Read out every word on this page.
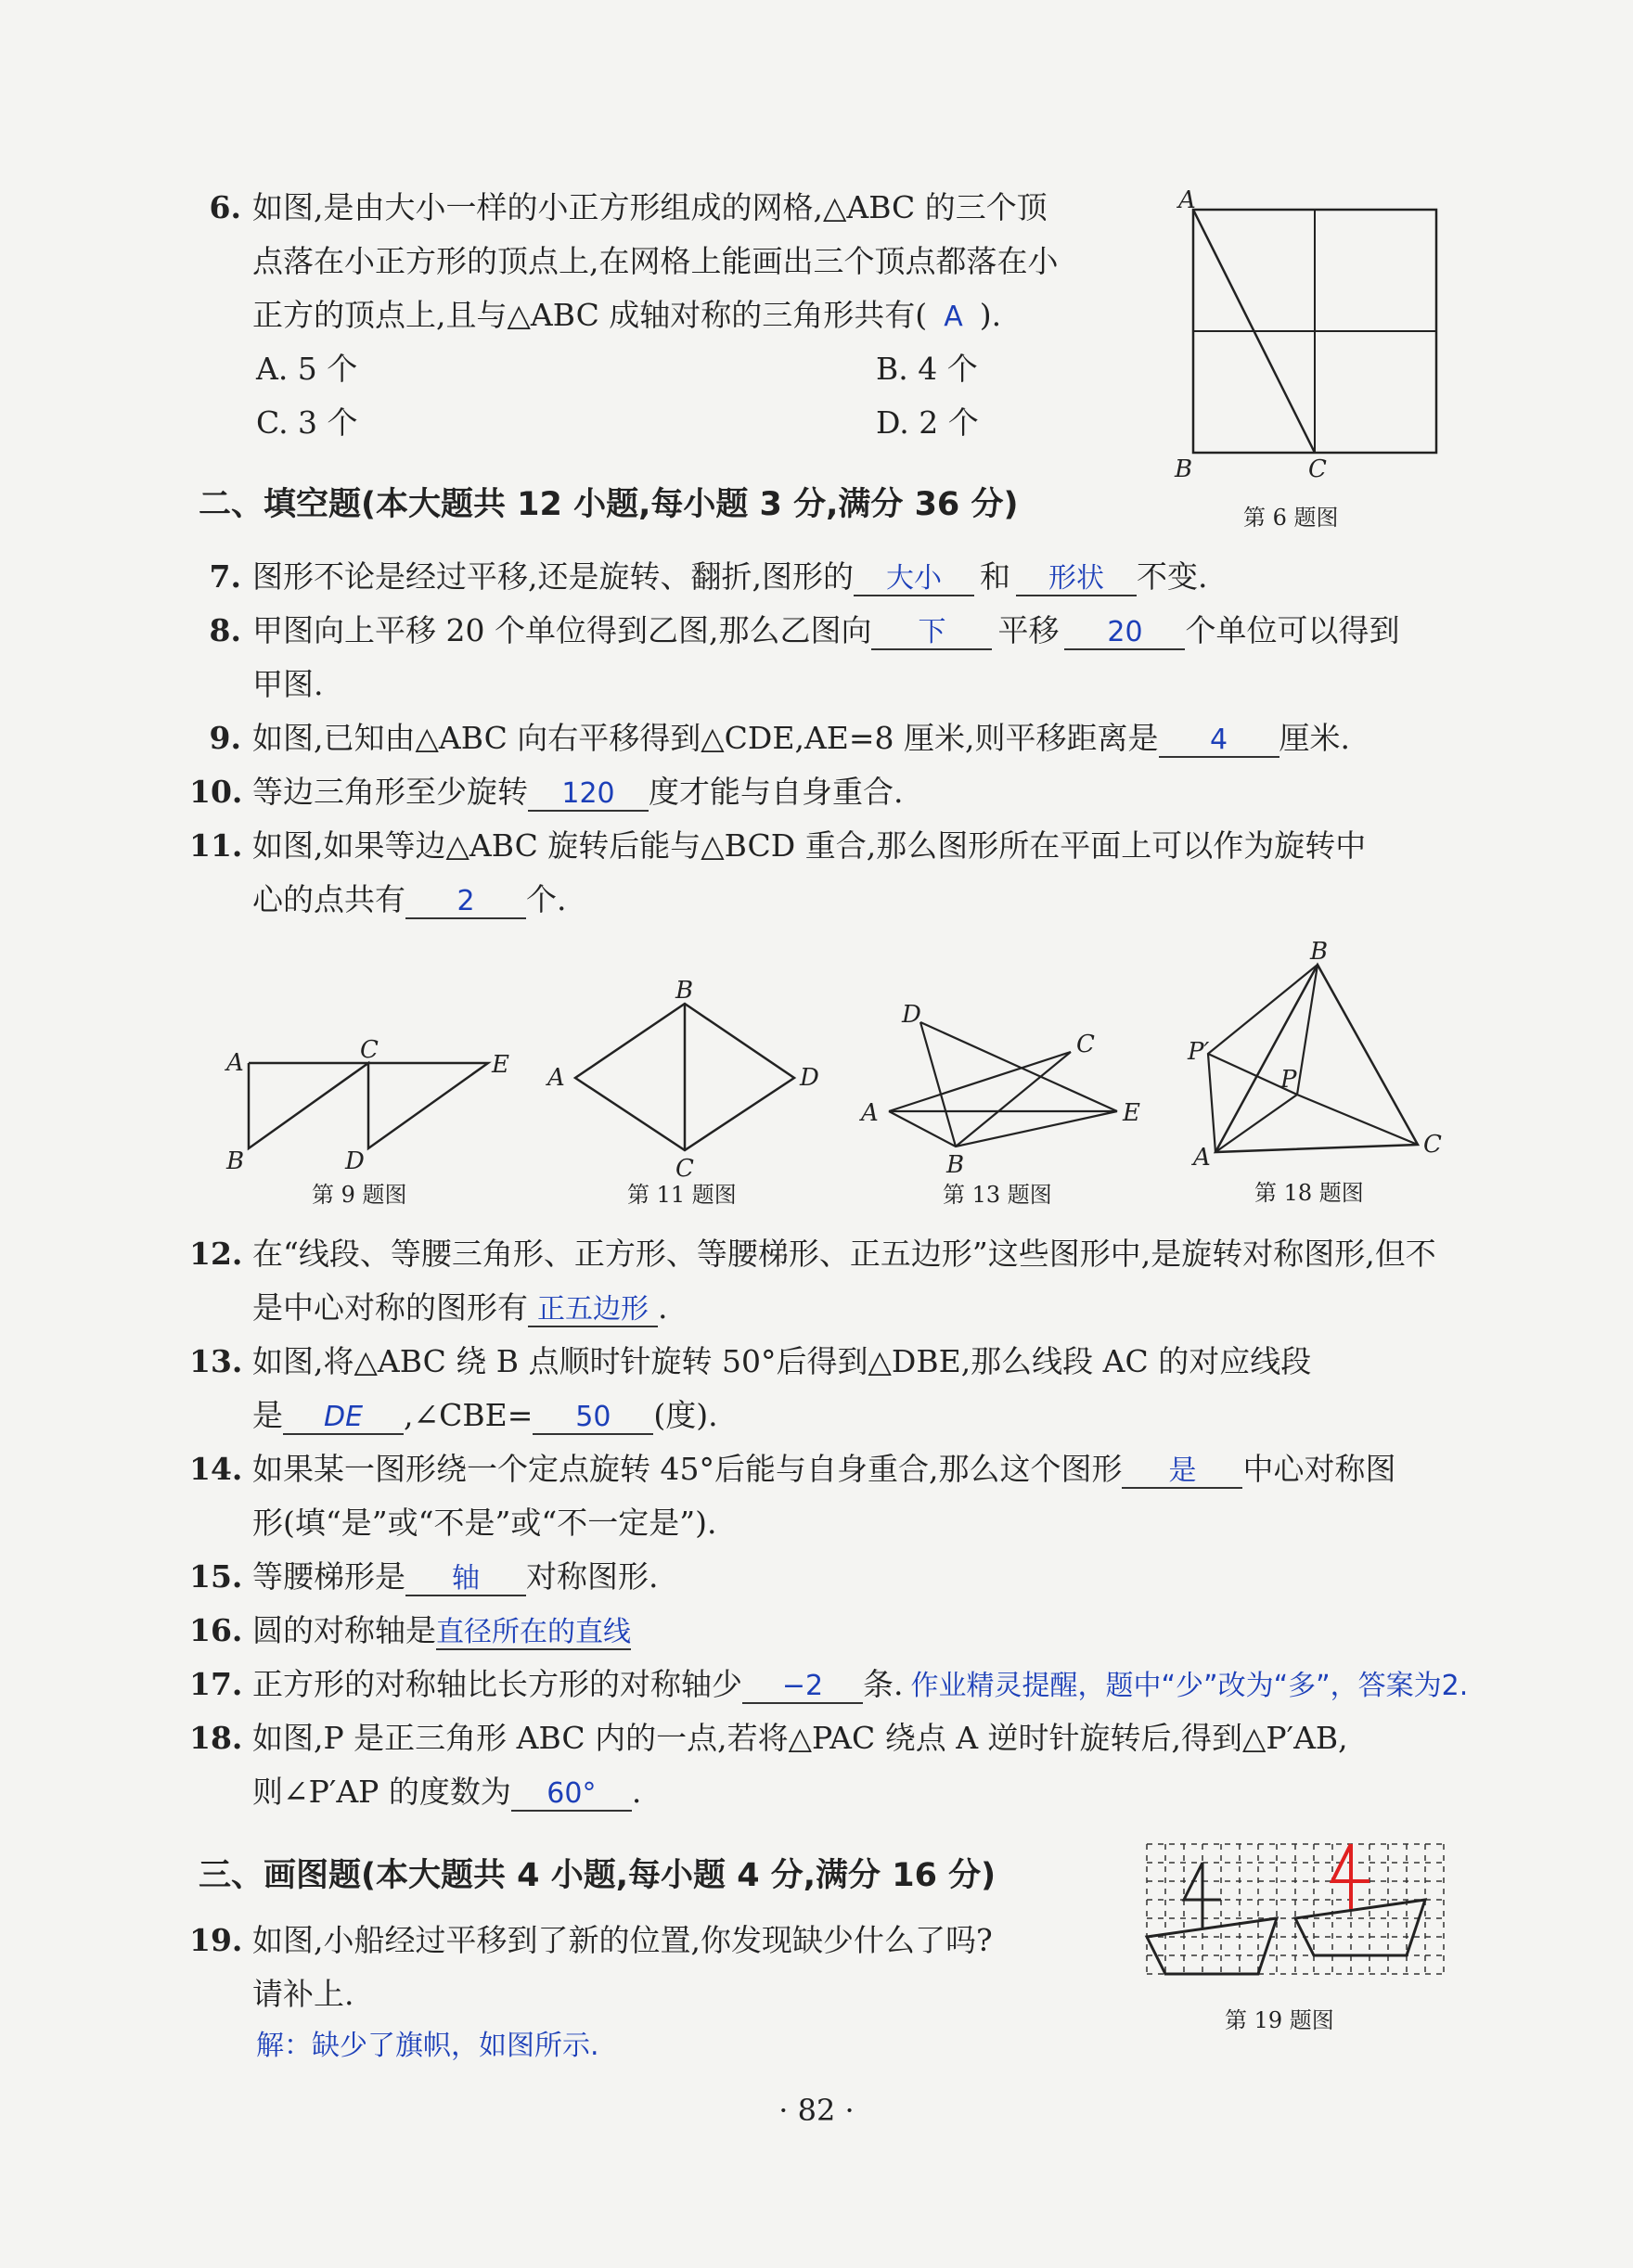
6. 如图,是由大小一样的小正方形组成的网格,△ABC 的三个顶
点落在小正方形的顶点上,在网格上能画出三个顶点都落在小
正方的顶点上,且与△ABC 成轴对称的三角形共有( A ).
A. 5 个	B. 4 个
C. 3 个	D. 2 个
A
B	C
第 6 题图
二、填空题(本大题共 12 小题,每小题 3 分,满分 36 分)
7. 图形不论是经过平移,还是旋转、翻折,图形的 大小 和 形状 不变.
8. 甲图向上平移 20 个单位得到乙图,那么乙图向 下 平移 20 个单位可以得到
甲图.
9. 如图,已知由△ABC 向右平移得到△CDE,AE=8 厘米,则平移距离是 4 厘米.
10. 等边三角形至少旋转 120 度才能与自身重合.
11. 如图,如果等边△ABC 旋转后能与△BCD 重合,那么图形所在平面上可以作为旋转中
心的点共有 2 个.
A
B
C
D
E
第 9 题图
B
A	D
C
第 11 题图
A
B
C
D
E
第 13 题图
B
P′
P
A	C
第 18 题图
12. 在“线段、等腰三角形、正方形、等腰梯形、正五边形”这些图形中,是旋转对称图形,但不
是中心对称的图形有 正五边形 .
13. 如图,将△ABC 绕 B 点顺时针旋转 50°后得到△DBE,那么线段 AC 的对应线段
是 DE ,∠CBE= 50 (度).
14. 如果某一图形绕一个定点旋转 45°后能与自身重合,那么这个图形 是 中心对称图
形(填“是”或“不是”或“不一定是”).
15. 等腰梯形是 轴 对称图形.
16. 圆的对称轴是直径所在的直线
17. 正方形的对称轴比长方形的对称轴少 −2 条. 作业精灵提醒，题中“少”改为“多”，答案为2.
18. 如图,P 是正三角形 ABC 内的一点,若将△PAC 绕点 A 逆时针旋转后,得到△P′AB,
则∠P′AP 的度数为 60° .
三、画图题(本大题共 4 小题,每小题 4 分,满分 16 分)
19. 如图,小船经过平移到了新的位置,你发现缺少什么了吗?
请补上.
解：缺少了旗帜，如图所示.
第 19 题图
· 82 ·
